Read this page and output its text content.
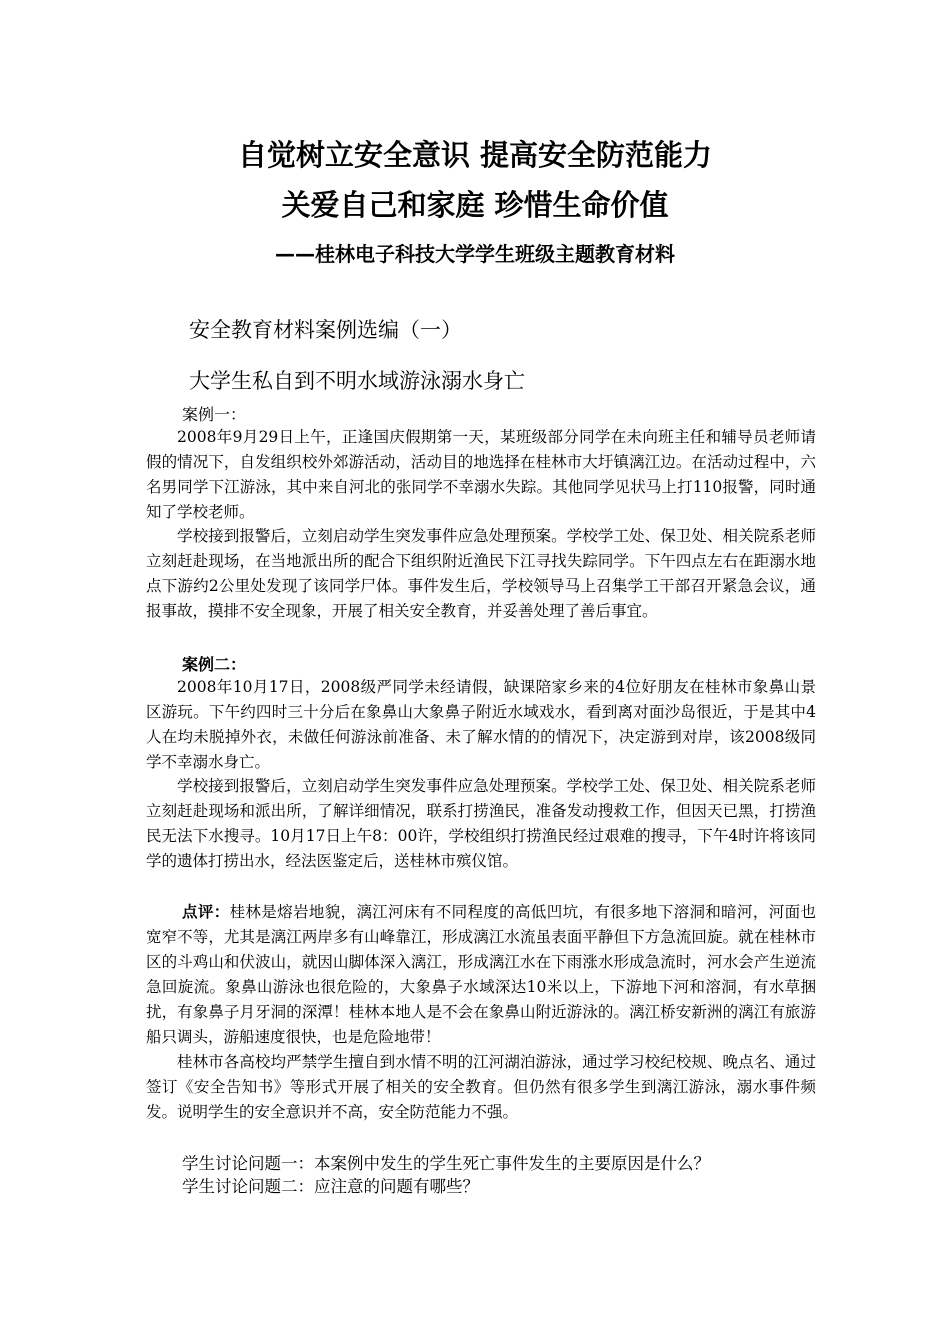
自觉树立安全意识 提高安全防范能力
关爱自己和家庭 珍惜生命价值
——桂林电子科技大学学生班级主题教育材料
安全教育材料案例选编（一）
大学生私自到不明水域游泳溺水身亡
案例一：
2008年9月29日上午，正逢国庆假期第一天，某班级部分同学在未向班主任和辅导员老师请假的情况下，自发组织校外郊游活动，活动目的地选择在桂林市大圩镇漓江边。在活动过程中，六名男同学下江游泳，其中来自河北的张同学不幸溺水失踪。其他同学见状马上打110报警，同时通知了学校老师。
学校接到报警后，立刻启动学生突发事件应急处理预案。学校学工处、保卫处、相关院系老师立刻赶赴现场，在当地派出所的配合下组织附近渔民下江寻找失踪同学。下午四点左右在距溺水地点下游约2公里处发现了该同学尸体。事件发生后，学校领导马上召集学工干部召开紧急会议，通报事故，摸排不安全现象，开展了相关安全教育，并妥善处理了善后事宜。
案例二：
2008年10月17日，2008级严同学未经请假，缺课陪家乡来的4位好朋友在桂林市象鼻山景区游玩。下午约四时三十分后在象鼻山大象鼻子附近水域戏水，看到离对面沙岛很近，于是其中4人在均未脱掉外衣，未做任何游泳前准备、未了解水情的的情况下，决定游到对岸，该2008级同学不幸溺水身亡。
学校接到报警后，立刻启动学生突发事件应急处理预案。学校学工处、保卫处、相关院系老师立刻赶赴现场和派出所，了解详细情况，联系打捞渔民，准备发动搜救工作，但因天已黑，打捞渔民无法下水搜寻。10月17日上午8：00许，学校组织打捞渔民经过艰难的搜寻，下午4时许将该同学的遗体打捞出水，经法医鉴定后，送桂林市殡仪馆。
点评：桂林是熔岩地貌，漓江河床有不同程度的高低凹坑，有很多地下溶洞和暗河，河面也宽窄不等，尤其是漓江两岸多有山峰靠江，形成漓江水流虽表面平静但下方急流回旋。就在桂林市区的斗鸡山和伏波山，就因山脚体深入漓江，形成漓江水在下雨涨水形成急流时，河水会产生逆流急回旋流。象鼻山游泳也很危险的，大象鼻子水域深达10米以上，下游地下河和溶洞，有水草捆扰，有象鼻子月牙洞的深潭！桂林本地人是不会在象鼻山附近游泳的。漓江桥安新洲的漓江有旅游船只调头，游船速度很快，也是危险地带！
桂林市各高校均严禁学生擅自到水情不明的江河湖泊游泳，通过学习校纪校规、晚点名、通过签订《安全告知书》等形式开展了相关的安全教育。但仍然有很多学生到漓江游泳，溺水事件频发。说明学生的安全意识并不高，安全防范能力不强。
学生讨论问题一：本案例中发生的学生死亡事件发生的主要原因是什么？
学生讨论问题二：应注意的问题有哪些？
